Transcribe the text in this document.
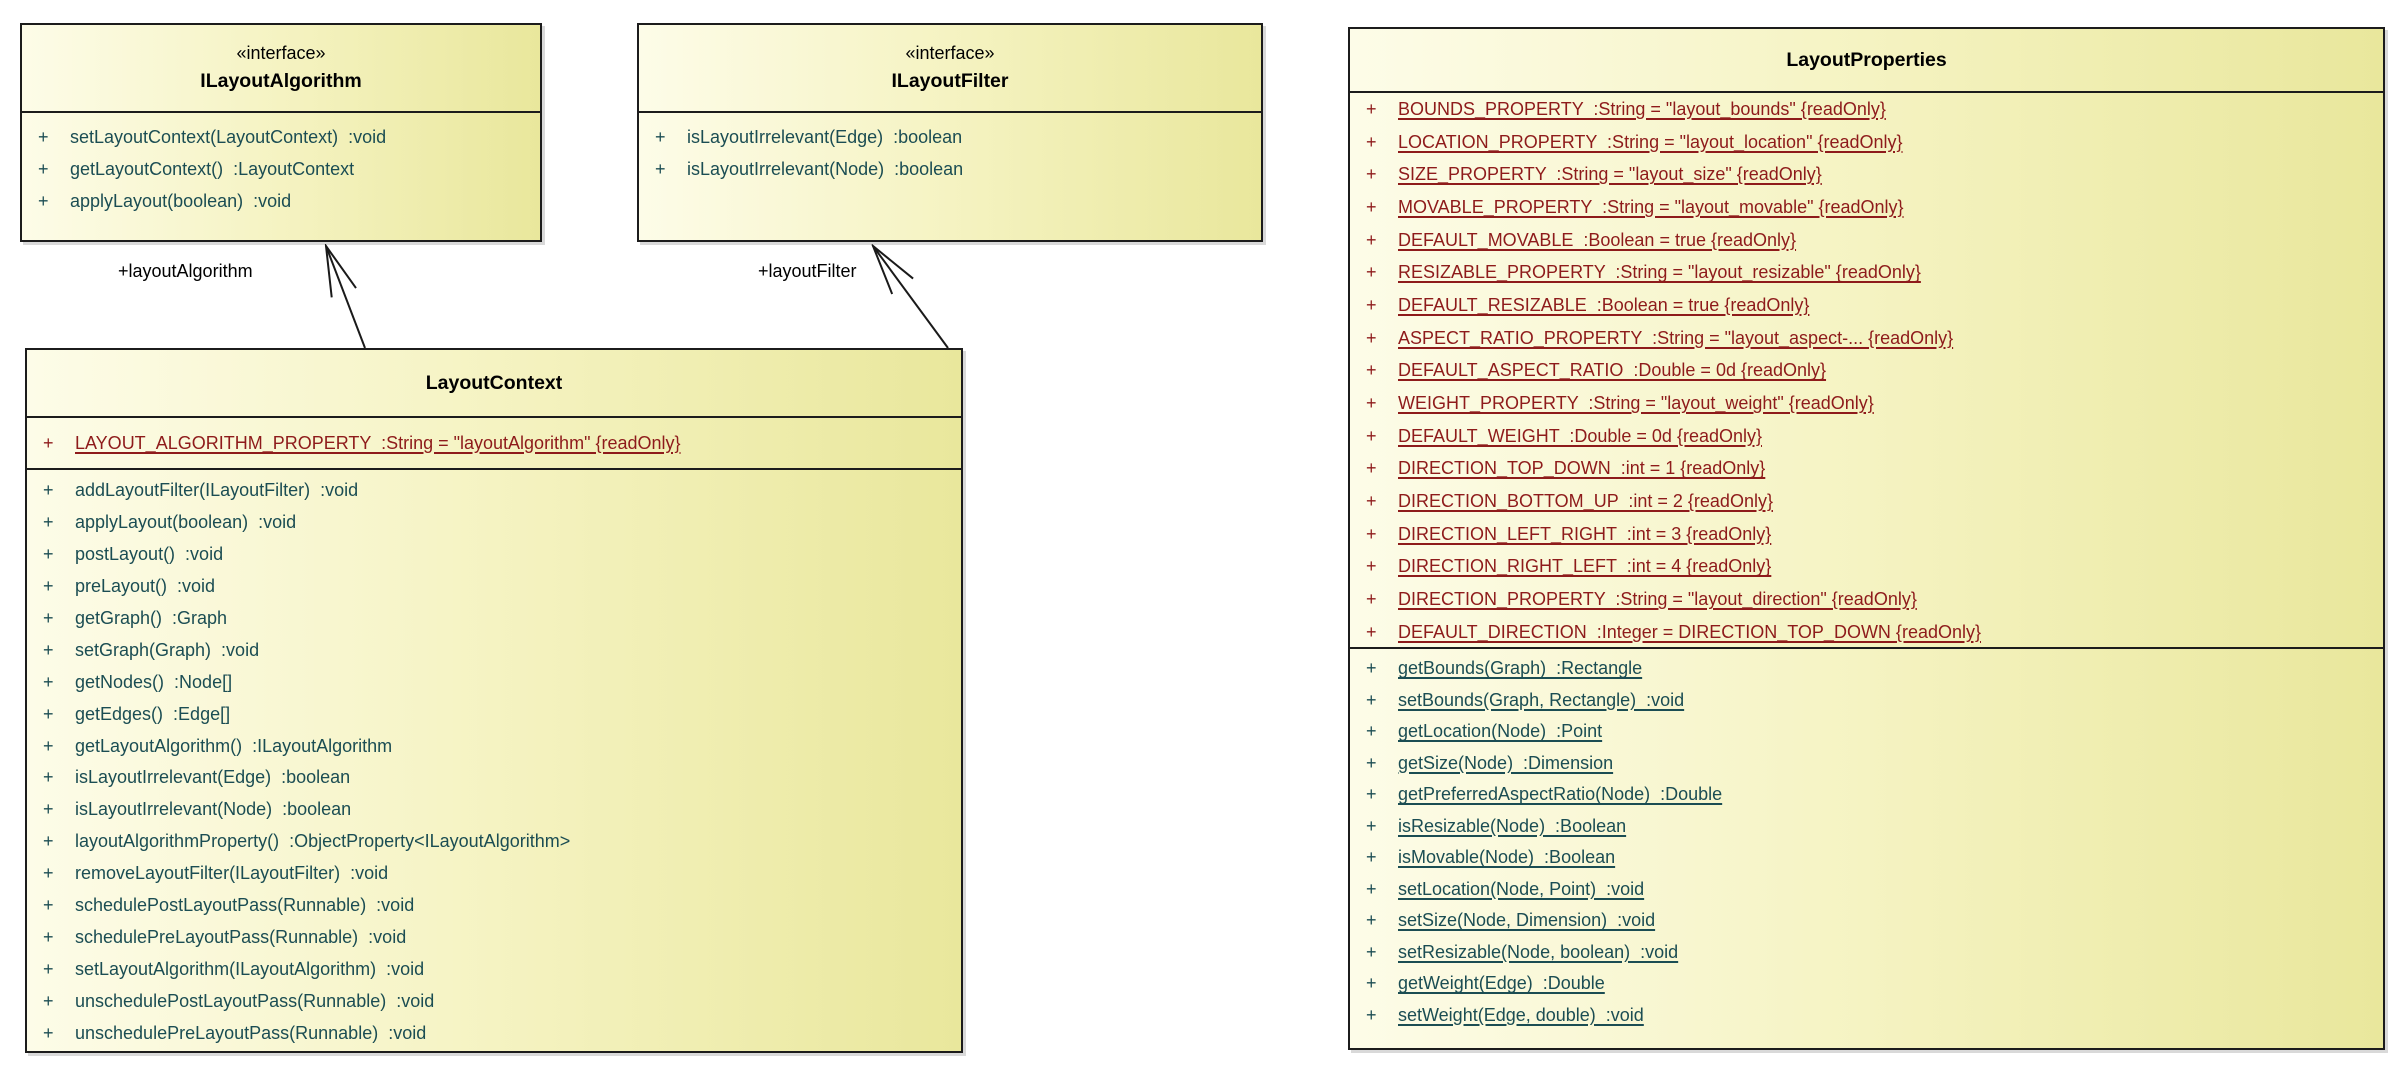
+layoutAlgorithm	+layoutFilter
«interface»
ILayoutAlgorithm
+	setLayoutContext(LayoutContext)  :void
+	getLayoutContext()  :LayoutContext
+	applyLayout(boolean)  :void
«interface»
ILayoutFilter
+	isLayoutIrrelevant(Edge)  :boolean
+	isLayoutIrrelevant(Node)  :boolean
LayoutContext
+	LAYOUT_ALGORITHM_PROPERTY  :String = "layoutAlgorithm" {readOnly}
+	addLayoutFilter(ILayoutFilter)  :void
+	applyLayout(boolean)  :void
+	postLayout()  :void
+	preLayout()  :void
+	getGraph()  :Graph
+	setGraph(Graph)  :void
+	getNodes()  :Node[]
+	getEdges()  :Edge[]
+	getLayoutAlgorithm()  :ILayoutAlgorithm
+	isLayoutIrrelevant(Edge)  :boolean
+	isLayoutIrrelevant(Node)  :boolean
+	layoutAlgorithmProperty()  :ObjectProperty<ILayoutAlgorithm>
+	removeLayoutFilter(ILayoutFilter)  :void
+	schedulePostLayoutPass(Runnable)  :void
+	schedulePreLayoutPass(Runnable)  :void
+	setLayoutAlgorithm(ILayoutAlgorithm)  :void
+	unschedulePostLayoutPass(Runnable)  :void
+	unschedulePreLayoutPass(Runnable)  :void
LayoutProperties
+	BOUNDS_PROPERTY  :String = "layout_bounds" {readOnly}
+	LOCATION_PROPERTY  :String = "layout_location" {readOnly}
+	SIZE_PROPERTY  :String = "layout_size" {readOnly}
+	MOVABLE_PROPERTY  :String = "layout_movable" {readOnly}
+	DEFAULT_MOVABLE  :Boolean = true {readOnly}
+	RESIZABLE_PROPERTY  :String = "layout_resizable" {readOnly}
+	DEFAULT_RESIZABLE  :Boolean = true {readOnly}
+	ASPECT_RATIO_PROPERTY  :String = "layout_aspect-... {readOnly}
+	DEFAULT_ASPECT_RATIO  :Double = 0d {readOnly}
+	WEIGHT_PROPERTY  :String = "layout_weight" {readOnly}
+	DEFAULT_WEIGHT  :Double = 0d {readOnly}
+	DIRECTION_TOP_DOWN  :int = 1 {readOnly}
+	DIRECTION_BOTTOM_UP  :int = 2 {readOnly}
+	DIRECTION_LEFT_RIGHT  :int = 3 {readOnly}
+	DIRECTION_RIGHT_LEFT  :int = 4 {readOnly}
+	DIRECTION_PROPERTY  :String = "layout_direction" {readOnly}
+	DEFAULT_DIRECTION  :Integer = DIRECTION_TOP_DOWN {readOnly}
+	getBounds(Graph)  :Rectangle
+	setBounds(Graph, Rectangle)  :void
+	getLocation(Node)  :Point
+	getSize(Node)  :Dimension
+	getPreferredAspectRatio(Node)  :Double
+	isResizable(Node)  :Boolean
+	isMovable(Node)  :Boolean
+	setLocation(Node, Point)  :void
+	setSize(Node, Dimension)  :void
+	setResizable(Node, boolean)  :void
+	getWeight(Edge)  :Double
+	setWeight(Edge, double)  :void
